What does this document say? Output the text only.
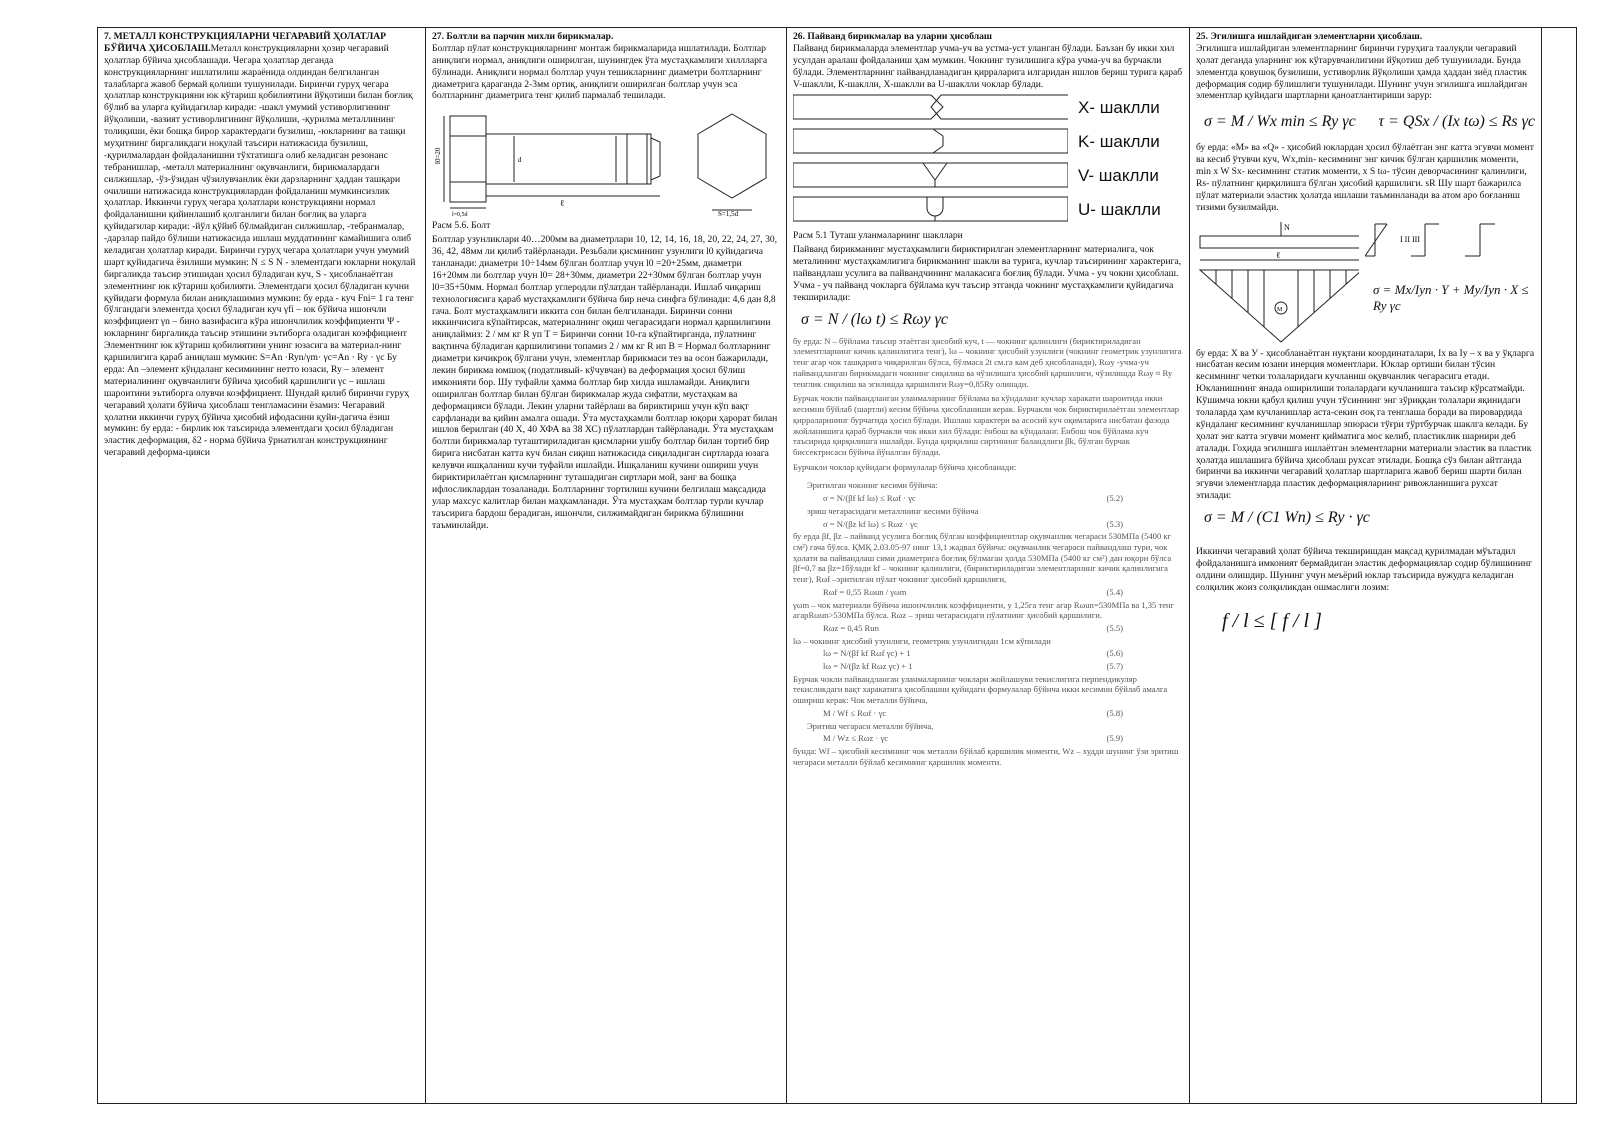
7. МЕТАЛЛ КОНСТРУКЦИЯЛАРНИ ЧЕГАРАВИЙ ҲОЛАТЛАР БЎЙИЧА ҲИСОБЛАШ.Металл конструкцияларни ҳозир чегаравий ҳолатлар бўйича ҳисоблашади. Чегара ҳолатлар деганда конструкцияларнинг ишлатилиш жараёнида олдиндан белгиланган талабларга жавоб бермай қолиши тушунилади. Биринчи гуруҳ чегара ҳолатлар конструкцияни юк кўтариш қобилиятини йўқотиши билан боғлиқ бўлиб ва уларга қуйидагилар киради: -шакл умумий устиворлигининг йўқолиши, -вазият устиворлигининг йўқолиши, -қурилма металлининг толиқиши, ёки бошқа бирор характердаги бузилиш, -юкларнинг ва ташқи муҳитнинг биргаликдаги ноқулай таъсири натижасида бузилиш, -қурилмалардан фойдаланишни тўхтатишга олиб келадиган резонанс тебранишлар, -металл материалнинг оқувчанлиги, бирикмалардаги силжишлар, -ўз-ўзидан чўзилувчанлик ёки дарзларнинг ҳаддан ташқари очилиши натижасида конструкциялардан фойдаланиш мумкинсизлик ҳолатлар. Иккинчи гуруҳ чегара ҳолатлари конструкцияни нормал фойдаланишни қийинлашиб қолганлиги билан боғлиқ ва уларга қуйидагилар киради: -йўл қўйиб бўлмайдиган силжишлар, -тебранмалар, -дарзлар пайдо бўлиши натижасида ишлаш муддатининг камайишига олиб келадиган ҳолатлар киради. Биринчи гуруҳ чегара ҳолатлари учун умумий шарт қуйидагича ёзилиши мумкин: N ≤ S N - элементдаги юкларни ноқулай биргаликда таъсир этишидан ҳосил бўладиган куч, S - ҳисобланаётган элементнинг юк кўтариш қобилияти. Элементдаги ҳосил бўладиган кучни қуйидаги формула билан аниқлашимиз мумкин: бу ерда - куч Fni= 1 га тенг бўлгандаги элементда ҳосил бўладиган куч γfi – юк бўйича ишончли коэффициент γn – бино вазифасига кўра ишончлилик коэффициенти Ψ - юкларнинг биргаликда таъсир этишини эътиборга оладиган коэффициент Элементнинг юк кўтариш қобилиятини унинг юзасига ва материал-нинг қаршилигига қараб аниқлаш мумкин: S=An ·Ryn/γm· γc=An · Ry · γc Бу ерда: An –элемент кўндаланг кесимининг нетто юзаси, Ry – элемент материалининг оқувчанлиги бўйича ҳисобий қаршилиги γc – ишлаш шароитини эътиборга олувчи коэффициент. Шундай қилиб биринчи гуруҳ чегаравий ҳолати бўйича ҳисоблаш тенгламасини ёзамиз: Чегаравий ҳолатни иккинчи гуруҳ бўйича ҳисобий ифодасини қуйи-дагича ёзиш мумкин: бу ерда: - бирлик юк таъсирида элементдаги ҳосил бўладиган эластик деформация, δ2 - норма бўйича ўрнатилган конструкциянинг чегаравий деформа-цияси

27. Болтли ва парчин михли бирикмалар.

Болтлар пўлат конструкцияларнинг монтаж бирикмаларида ишлатилади. Болтлар аниқлиги нормал, аниқлиги оширилган, шунингдек ўта мустаҳкамлиги хиллларга бўлинади. Аниқлиги нормал болтлар учун тешикларнинг диаметри болтларнинг диаметрига қараганда 2-3мм ортиқ, аниқлиги оширилган болтлар учун эса болтларнинг диаметрига тенг қилиб пармалаб тешилади.

l0=20
l=0,5d
ℓ
d
S=1,5d

Расм 5.6. Болт

Болтлар узунликлари 40…200мм ва диаметрлари 10, 12, 14, 16, 18, 20, 22, 24, 27, 30, 36, 42, 48мм ли қилиб тайёрланади. Резьбали қисмининг узунлиги l0 қуйидагича танланади: диаметри 10÷14мм бўлган болтлар учун l0 =20+25мм, диаметри 16+20мм ли болтлар учун l0= 28+30мм, диаметри 22+30мм бўлган болтлар учун l0=35+50мм. Нормал болтлар углеродли пўлатдан тайёрланади. Ишлаб чиқариш технологиясига қараб мустаҳкамлиги бўйича бир неча синфга бўлинади: 4,6 дан 8,8 гача. Болт мустаҳкамлиги иккита сон билан белгиланади. Биринчи сонни иккинчисига кўпайтирсак, материалнинг оқиш чегарасидаги нормал қаршилигини аниқлаймиз: 2 / мм кг R уп Т = Биринчи сонни 10-га кўпайтирганда, пўлатнинг вақтинча бўладиган қаршилигини топамиз 2 / мм кг R ип В = Нормал болтларнинг диаметри кичикроқ бўлгани учун, элементлар бирикмаси тез ва осон бажарилади, лекин бирикма юмшоқ (податливый- кўчувчан) ва деформация ҳосил бўлиш имконияти бор. Шу туфайли ҳамма болтлар бир хилда ишламайди. Аниқлиги оширилган болтлар билан бўлган бирикмалар жуда сифатли, мустаҳкам ва деформацияси бўлади. Лекин уларни тайёрлаш ва бириктириш учун кўп вақт сарфланади ва қийин амалга ошади. Ўта мустаҳкамли болтлар юқори ҳарорат билан ишлов берилган (40 Х, 40 ХФА ва 38 ХС) пўлатлардан тайёрланади. Ўта мустаҳкам болтли бирикмалар туташтириладиган қисмларни ушбу болтлар билан тортиб бир бирига нисбатан катта куч билан сиқиш натижасида сиқиладиган сиртларда юзага келувчи ишқаланиш кучи туфайли ишлайди. Ишқаланиш кучини ошириш учун бириктирилаётган қисмларнинг туташадиган сиртлари мой, занг ва бошқа ифлосликлардан тозаланади. Болтларнинг тортилиш кучини белгилаш мақсадида улар махсус калитлар билан маҳкамланади. Ўта мустаҳкам болтлар турли кучлар таъсирига бардош берадиган, ишончли, силжимайдиган бирикма бўлишини таъминлайди.

26. Пайванд бирикмалар ва уларни ҳисоблаш

Пайванд бирикмаларда элементлар учма-уч ва устма-уст уланган бўлади. Баъзан бу икки хил усулдан аралаш фойдаланиш ҳам мумкин. Чокнинг тузилишига кўра учма-уч ва бурчакли бўлади. Элементларнинг пайвандланадиган қирраларига илгаридан ишлов бериш турига қараб V-шаклли, К-шаклли, Х-шаклли ва U-шаклли чоклар бўлади.

X- шаклли
K- шаклли
V- шаклли
U- шаклли

Расм 5.1 Туташ уланмаларнинг шакллари

Пайванд бирикманинг мустаҳкамлиги бириктирилган элементларнинг материалига, чок металининг мустаҳкамлигига бирикманинг шакли ва турига, кучлар таъсирининг характерига, пайвандлаш усулига ва пайвандчининг малакасига боғлиқ бўлади. Учма - уч чокни ҳисоблаш. Учма - уч пайванд чокларга бўйлама куч таъсир этганда чокнинг мустаҳкамлиги қуйидагича текширилади:

σ = N / (lω t) ≤ Rωy γc

бу ерда: N – бўйлама таъсир этаётган ҳисобий куч, t — чокнинг қалинлиги (бириктириладиган элементларнинг кичик қалинлигига тенг), lω – чокнинг ҳисобий узунлиги (чокнинг геометрик узунлигига тенг агар чок ташқарига чиқарилган бўлса, бўлмаса 2t см.га кам деб ҳисобланади), Rωy -учма-уч пайвандланган бирикмадаги чокнинг сиқилиш ва чўзилишга ҳисобий қаршилиги, чўзилишда Rωy ≈ Ry тенглик сиқилиш ва эгилишда қаршилиги Rωy=0,85Ry олинади.

Бурчак чокли пайвандланган уланмаларнинг бўйлама ва кўндаланг кучлар харакати шароитида икки кесимни бўйлаб (шартли) кесим бўйича ҳисобланиши керак. Бурчакли чок бириктирилаётган элементлар қирраларининг бурчагида ҳосил бўлади. Ишлаш характери ва асосий куч оқимларига нисбатан фазода жойланишига қараб бурчакли чок икки хил бўлади: ёнбош ва кўндаланг. Ёнбош чок бўйлама куч таъсирида қирқилишга ишлайди. Бунда қирқилиш сиртининг баландлиги βk, бўлган бурчак биссектрисаси бўйича йўналган бўлади.

Бурчакли чоклар қуйидаги формулалар бўйича ҳисобланади:

Эритилган чокнинг кесими бўйича:

σ = N/(βf kf lω) ≤ Rωf · γc	(5.2)

эриш чегарасидаги металлнинг кесими бўйича

σ = N/(βz kf lω) ≤ Rωz · γc	(5.3)

бу ерда βf, βz – пайванд усулига боғлиқ бўлган коэффициентлар оқувчанлик чегараси 530МПа (5400 кг см²) гача бўлса. ҚМҚ 2.03.05-97 нинг 13,1 жадвал бўйича: оқувчанлик чегараси пайвандлаш тури, чок ҳолати ва пайвандлаш сими диаметрига боғлиқ бўлмаган ҳолда 530МПа (5400 кг см²) дан юқори бўлса βf=0,7 ва βz=1бўлади kf – чокнинг қалинлиги, (бириктириладиган элементларнинг кичик қалинлигига тенг), Rωf –эритилган пўлат чокнинг ҳисобий қаршилиги,

Rωf = 0,55 Rωun / γωm	(5.4)

γωm – чок материали бўйича ишончлилик коэффициенти, у 1,25га тенг агар Rωun=530МПа ва 1,35 тенг агарRωun>530МПа бўлса. Rωz – эриш чегарасидаги пўлатнинг ҳисобий қаршилиги.

Rωz = 0,45 Run	(5.5)

lω – чокнинг ҳисобий узунлиги, геометрик узунлигидан 1см кўпилади

lω = N/(βf kf Rωf γc) + 1	(5.6)
lω = N/(βz kf Rωz γc) + 1	(5.7)

Бурчак чокли пайвандланган уланмаларнинг чоклари жойлашуви текислигига перпендикуляр текисликдаги вақт харакатига ҳисоблашни қуйидаги формулалар бўйича икки кесимни бўйлаб амалга ошириш керак: Чок металли бўйича,

M / Wf ≤ Rωf · γc	(5.8)

Эритиш чегараси металли бўйича,

M / Wz ≤ Rωz · γc	(5.9)

бунда: Wf – ҳисобий кесимнинг чок металли бўйлаб қаршилик моменти, Wz – худди шунинг ўзи эритиш чегараси металли бўйлаб кесимнинг қаршилик моменти.

25. Эгилишга ишлайдиган элементларни ҳисоблаш.

Эгилишга ишлайдиган элементларнинг биринчи гуруҳига таалуқли чегаравий ҳолат деганда уларнинг юк кўтарувчанлигини йўқотиш деб тушунилади. Бунда элементда қовушоқ бузилиши, устиворлик йўқолиши ҳамда ҳаддан зиёд пластик деформация содир бўлишлиги тушунилади. Шунинг учун эгилишга ишлайдиган элементлар қуйидаги шартларни қаноатлантириши зарур:

σ = M / Wx min ≤ Ry γc τ = QSx / (Ix tω) ≤ Rs γc

бу ерда: «M» ва «Q» - ҳисобий юклардан ҳосил бўлаётган энг катта эгувчи момент ва кесиб ўтувчи куч, Wx,min- кесимнинг энг кичик бўлган қаршилик моменти, min x W Sx- кесимнинг статик моменти, x S tω- тўсин деворчасининг қалинлиги, Rs- пўлатнинг қирқилишга бўлган ҳисобий қаршилиги. sR Шу шарт бажарилса пўлат материали эластик ҳолатда ишлаши таъминланади ва атом аро боғланиш тизими бузилмайди.

N
ℓ
M
I II III
σ = Mx/Iyn · Y + My/Iyn · X ≤ Ry γc

бу ерда: Х ва У - ҳисобланаётган нуқтани координаталари, Ix ва Iy – х ва у ўқларга нисбатан кесим юзани инерция моментлари. Юклар ортиши билан тўсин кесимнинг четки толаларидаги кучланиш оқувчанлик чегарасига етади. Юкланишнинг янада оширилиши толалардаги кучланишга таъсир кўрсатмайди. Кўшимча юкни қабул қилиш учун тўсиннинг энг зўриққан толалари яқинидаги толаларда ҳам кучланишлар аста-секин σоқ га тенглаша боради ва пировардида кўндаланг кесимнинг кучланишлар эпюраси тўғри тўртбурчак шаклга келади. Бу ҳолат энг катта эгувчи момент қийматига мос келиб, пластиклик шарнири деб аталади. Гоҳида эгилишга ишлаётган элементларни материали эластик ва пластик ҳолатда ишлашига бўйича ҳисоблаш рухсат этилади. Бошқа сўз билан айтганда биринчи ва иккинчи чегаравий ҳолатлар шартларига жавоб бериш шарти билан эгувчи элементларда пластик деформацияларнинг ривожланишига рухсат этилади:

σ = M / (C1 Wn) ≤ Ry · γc

Иккинчи чегаравий ҳолат бўйича текширишдан мақсад қурилмадан мўътадил фойдаланишга имконият бермайдиган эластик деформациялар содир бўлишининг олдини олишдир. Шунинг учун меъёрий юклар таъсирида вужудга келадиган солқилик жоиз солқиликдан ошмаслиги лозим:

f / l ≤ [ f / l ]
